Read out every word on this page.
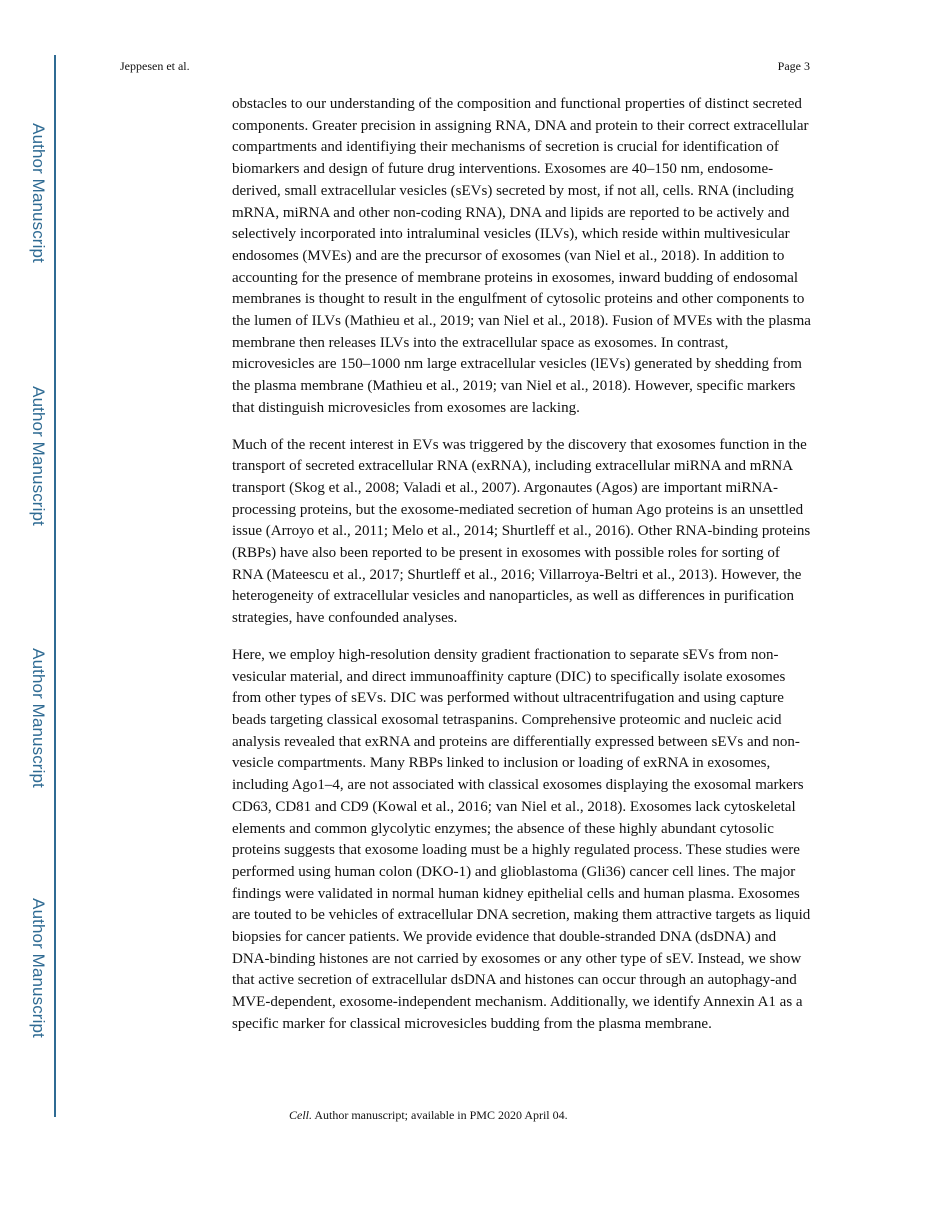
Author Manuscript
Author Manuscript
Author Manuscript
Author Manuscript
Jeppesen et al.	Page 3

obstacles to our understanding of the composition and functional properties of distinct secreted components. Greater precision in assigning RNA, DNA and protein to their correct extracellular compartments and identifiying their mechanisms of secretion is crucial for identification of biomarkers and design of future drug interventions. Exosomes are 40–150 nm, endosome-derived, small extracellular vesicles (sEVs) secreted by most, if not all, cells. RNA (including mRNA, miRNA and other non-coding RNA), DNA and lipids are reported to be actively and selectively incorporated into intraluminal vesicles (ILVs), which reside within multivesicular endosomes (MVEs) and are the precursor of exosomes (van Niel et al., 2018). In addition to accounting for the presence of membrane proteins in exosomes, inward budding of endosomal membranes is thought to result in the engulfment of cytosolic proteins and other components to the lumen of ILVs (Mathieu et al., 2019; van Niel et al., 2018). Fusion of MVEs with the plasma membrane then releases ILVs into the extracellular space as exosomes. In contrast, microvesicles are 150–1000 nm large extracellular vesicles (lEVs) generated by shedding from the plasma membrane (Mathieu et al., 2019; van Niel et al., 2018). However, specific markers that distinguish microvesicles from exosomes are lacking.

Much of the recent interest in EVs was triggered by the discovery that exosomes function in the transport of secreted extracellular RNA (exRNA), including extracellular miRNA and mRNA transport (Skog et al., 2008; Valadi et al., 2007). Argonautes (Agos) are important miRNA-processing proteins, but the exosome-mediated secretion of human Ago proteins is an unsettled issue (Arroyo et al., 2011; Melo et al., 2014; Shurtleff et al., 2016). Other RNA-binding proteins (RBPs) have also been reported to be present in exosomes with possible roles for sorting of RNA (Mateescu et al., 2017; Shurtleff et al., 2016; Villarroya-Beltri et al., 2013). However, the heterogeneity of extracellular vesicles and nanoparticles, as well as differences in purification strategies, have confounded analyses.

Here, we employ high-resolution density gradient fractionation to separate sEVs from non-vesicular material, and direct immunoaffinity capture (DIC) to specifically isolate exosomes from other types of sEVs. DIC was performed without ultracentrifugation and using capture beads targeting classical exosomal tetraspanins. Comprehensive proteomic and nucleic acid analysis revealed that exRNA and proteins are differentially expressed between sEVs and non-vesicle compartments. Many RBPs linked to inclusion or loading of exRNA in exosomes, including Ago1–4, are not associated with classical exosomes displaying the exosomal markers CD63, CD81 and CD9 (Kowal et al., 2016; van Niel et al., 2018). Exosomes lack cytoskeletal elements and common glycolytic enzymes; the absence of these highly abundant cytosolic proteins suggests that exosome loading must be a highly regulated process. These studies were performed using human colon (DKO-1) and glioblastoma (Gli36) cancer cell lines. The major findings were validated in normal human kidney epithelial cells and human plasma. Exosomes are touted to be vehicles of extracellular DNA secretion, making them attractive targets as liquid biopsies for cancer patients. We provide evidence that double-stranded DNA (dsDNA) and DNA-binding histones are not carried by exosomes or any other type of sEV. Instead, we show that active secretion of extracellular dsDNA and histones can occur through an autophagy-and MVE-dependent, exosome-independent mechanism. Additionally, we identify Annexin A1 as a specific marker for classical microvesicles budding from the plasma membrane.

Cell. Author manuscript; available in PMC 2020 April 04.
